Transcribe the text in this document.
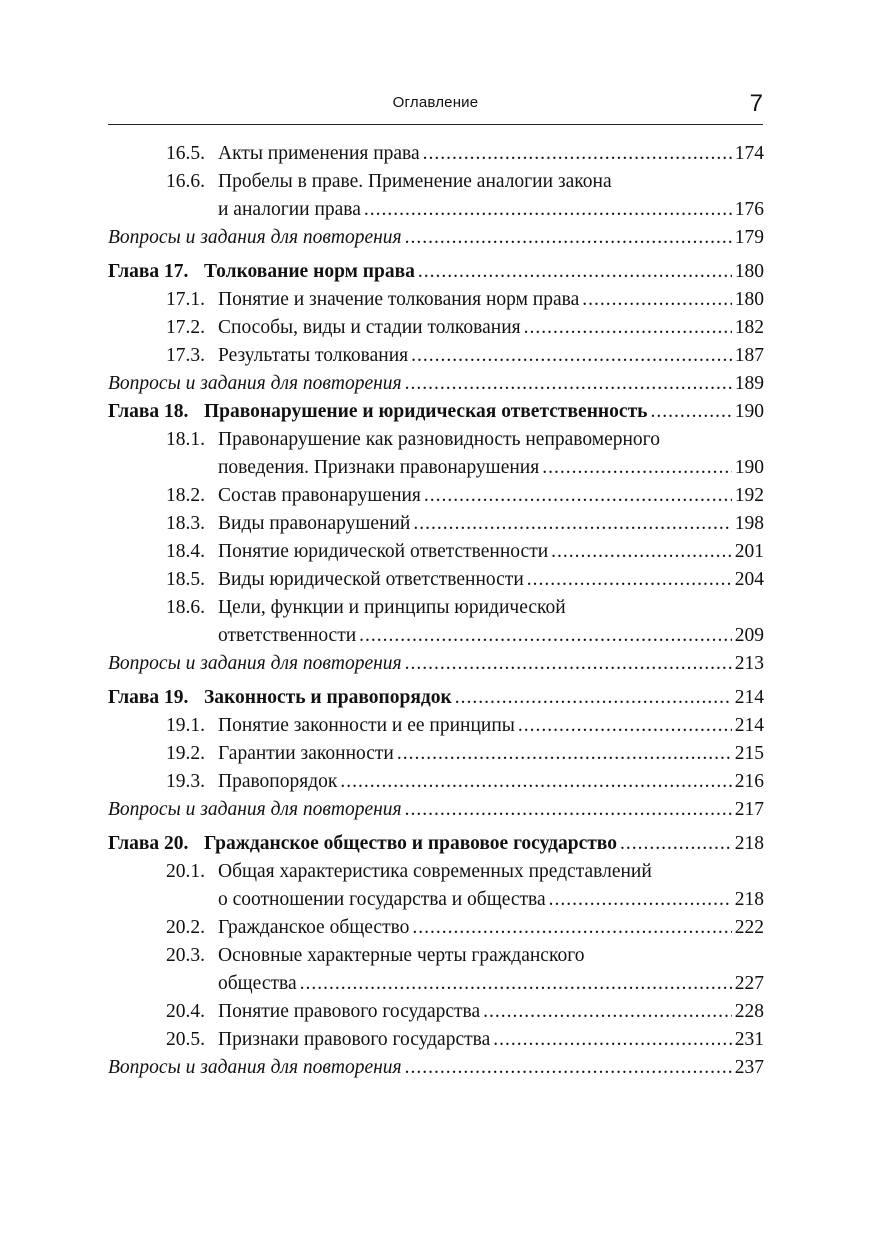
Оглавление	7
16.5. Акты применения права .....	174
16.6. Пробелы в праве. Применение аналогии закона
и аналогии права .....	176
Вопросы и задания для повторения .....	179
Глава 17. Толкование норм права .....	180
17.1. Понятие и значение толкования норм права .....	180
17.2. Способы, виды и стадии толкования .....	182
17.3. Результаты толкования .....	187
Вопросы и задания для повторения .....	189
Глава 18. Правонарушение и юридическая ответственность .....	190
18.1. Правонарушение как разновидность неправомерного
поведения. Признаки правонарушения .....	190
18.2. Состав правонарушения .....	192
18.3. Виды правонарушений .....	198
18.4. Понятие юридической ответственности .....	201
18.5. Виды юридической ответственности .....	204
18.6. Цели, функции и принципы юридической
ответственности .....	209
Вопросы и задания для повторения .....	213
Глава 19. Законность и правопорядок .....	214
19.1. Понятие законности и ее принципы .....	214
19.2. Гарантии законности .....	215
19.3. Правопорядок .....	216
Вопросы и задания для повторения .....	217
Глава 20. Гражданское общество и правовое государство .....	218
20.1. Общая характеристика современных представлений
о соотношении государства и общества .....	218
20.2. Гражданское общество .....	222
20.3. Основные характерные черты гражданского
общества .....	227
20.4. Понятие правового государства .....	228
20.5. Признаки правового государства .....	231
Вопросы и задания для повторения .....	237
